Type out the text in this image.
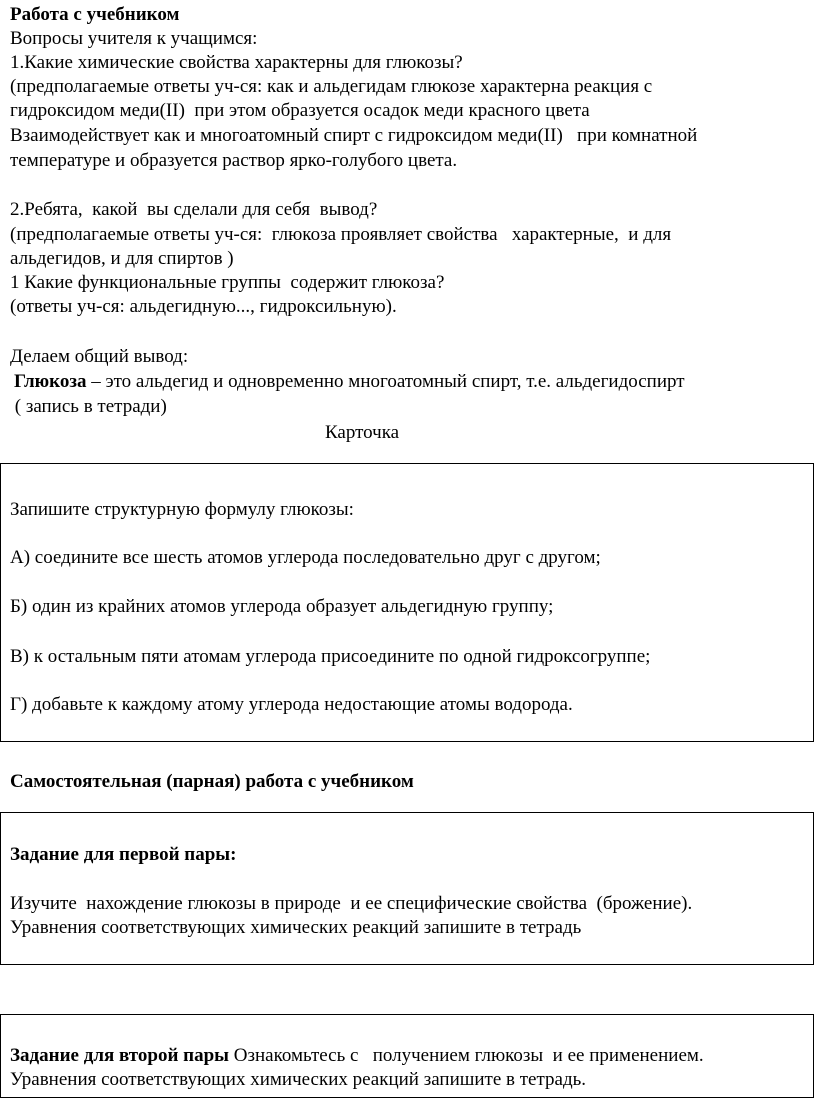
Работа с учебником
Вопросы учителя к учащимся:
1.Какие химические свойства характерны для глюкозы?
(предполагаемые ответы уч-ся: как и альдегидам глюкозе характерна реакция с
гидроксидом меди(II)  при этом образуется осадок меди красного цвета
Взаимодействует как и многоатомный спирт с гидроксидом меди(II)   при комнатной
температуре и образуется раствор ярко-голубого цвета.
2.Ребята,  какой  вы сделали для себя  вывод?
(предполагаемые ответы уч-ся:  глюкоза проявляет свойства   характерные,  и для
альдегидов, и для спиртов )
1 Какие функциональные группы  содержит глюкоза?
(ответы уч-ся: альдегидную..., гидроксильную).
Делаем общий вывод:
Глюкоза – это альдегид и одновременно многоатомный спирт, т.е. альдегидоспирт
( запись в тетради)
Карточка
Запишите структурную формулу глюкозы:
А) соедините все шесть атомов углерода последовательно друг с другом;
Б) один из крайних атомов углерода образует альдегидную группу;
В) к остальным пяти атомам углерода присоедините по одной гидроксогруппе;
Г) добавьте к каждому атому углерода недостающие атомы водорода.
Самостоятельная (парная) работа с учебником
Задание для первой пары:
Изучите  нахождение глюкозы в природе  и ее специфические свойства  (брожение).
Уравнения соответствующих химических реакций запишите в тетрадь
Задание для второй пары Ознакомьтесь с   получением глюкозы  и ее применением.
Уравнения соответствующих химических реакций запишите в тетрадь.
